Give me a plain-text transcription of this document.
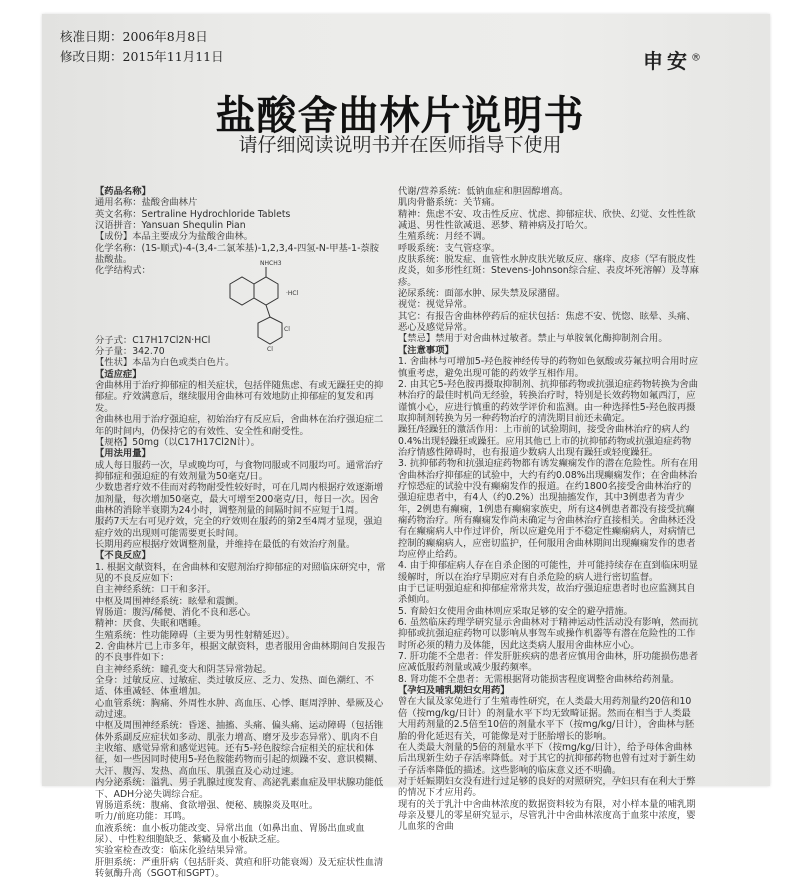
核准日期：2006年8月8日
修改日期：2015年11月11日	申安®
盐酸舍曲林片说明书
请仔细阅读说明书并在医师指导下使用

【药品名称】

通用名称：盐酸舍曲林片

英文名称：Sertraline Hydrochloride Tablets

汉语拼音：Yansuan Shequlin Pian

【成份】本品主要成分为盐酸舍曲林。

化学名称：(1S-顺式)-4-(3,4-二氯苯基)-1,2,3,4-四氢-N-甲基-1-萘胺盐酸盐。

化学结构式：

NHCH3
·HCl
Cl
Cl

分子式：C17H17Cl2N·HCl

分子量：342.70

【性状】本品为白色或类白色片。

【适应症】

舍曲林用于治疗抑郁症的相关症状，包括伴随焦虑、有或无躁狂史的抑郁症。疗效满意后，继续服用舍曲林可有效地防止抑郁症的复发和再发。

舍曲林也用于治疗强迫症，初始治疗有反应后，舍曲林在治疗强迫症二年的时间内，仍保持它的有效性、安全性和耐受性。

【规格】50mg（以C17H17Cl2N计）。

【用法用量】

成人每日服药一次，早或晚均可，与食物同服或不同服均可。通常治疗抑郁症和强迫症的有效剂量为50毫克/日。

少数患者疗效不佳而对药物耐受性较好时，可在几周内根据疗效逐渐增加剂量，每次增加50毫克，最大可增至200毫克/日，每日一次。因舍曲林的消除半衰期为24小时，调整剂量的间隔时间不应短于1周。

服药7天左右可见疗效，完全的疗效则在服药的第2至4周才显现，强迫症疗效的出现则可能需要更长时间。

长期用药应根据疗效调整剂量，并维持在最低的有效治疗剂量。

【不良反应】

1. 根据文献资料，在舍曲林和安慰剂治疗抑郁症的对照临床研究中，常见的不良反应如下：

自主神经系统：口干和多汗。

中枢及周围神经系统：眩晕和震颤。

胃肠道：腹泻/稀便、消化不良和恶心。

精神：厌食、失眠和嗜睡。

生殖系统：性功能障碍（主要为男性射精延迟）。

2. 舍曲林片已上市多年，根据文献资料，患者服用舍曲林期间自发报告的不良事件如下：

自主神经系统：瞳孔变大和阴茎异常勃起。

全身：过敏反应、过敏症、类过敏反应、乏力、发热、面色潮红、不适、体重减轻、体重增加。

心血管系统：胸痛、外周性水肿、高血压、心悸、眶周浮肿、晕厥及心动过速。

中枢及周围神经系统：昏迷、抽搐、头痛、偏头痛、运动障碍（包括锥体外系副反应症状如多动、肌张力增高、磨牙及步态异常）、肌肉不自主收缩、感觉异常和感觉迟钝。还有5-羟色胺综合症相关的症状和体征，如一些因同时使用5-羟色胺能药物而引起的烦躁不安、意识模糊、大汗、腹泻、发热、高血压、肌强直及心动过速。

内分泌系统：溢乳、男子乳腺过度发育、高泌乳素血症及甲状腺功能低下、ADH分泌失调综合症。

胃肠道系统：腹痛、食欲增强、便秘、胰腺炎及呕吐。

听力/前庭功能：耳鸣。

血液系统：血小板功能改变、异常出血（如鼻出血、胃肠出血或血尿）、中性粒细胞缺乏、紫癜及血小板缺乏症。

实验室检查改变：临床化验结果异常。

肝胆系统：严重肝病（包括肝炎、黄疸和肝功能衰竭）及无症状性血清转氨酶升高（SGOT和SGPT）。

代谢/营养系统：低钠血症和胆固醇增高。

肌肉骨骼系统：关节痛。

精神：焦虑不安、攻击性反应、忧虑、抑郁症状、欣快、幻觉、女性性欲减退、男性性欲减退、恶梦、精神病及打哈欠。

生殖系统：月经不调。

呼吸系统：支气管痉挛。

皮肤系统：脱发症、血管性水肿皮肤光敏反应、瘙痒、皮疹（罕有脱皮性皮炎，如多形性红斑：Stevens-Johnson综合症、表皮坏死溶解）及荨麻疹。

泌尿系统：面部水肿、尿失禁及尿潴留。

视觉：视觉异常。

其它：有报告舍曲林停药后的症状包括：焦虑不安、恍惚、眩晕、头痛、恶心及感觉异常。

【禁忌】禁用于对舍曲林过敏者。禁止与单胺氧化酶抑制剂合用。

【注意事项】

1. 舍曲林与可增加5-羟色胺神经传导的药物如色氨酸或芬氟拉明合用时应慎重考虑，避免出现可能的药效学互相作用。

2. 由其它5-羟色胺再摄取抑制剂、抗抑郁药物或抗强迫症药物转换为舍曲林治疗的最佳时机尚无经验，转换治疗时，特别是长效药物如氟西汀，应谨慎小心，应进行慎重的药效学评价和监测。由一种选择性5-羟色胺再摄取抑制剂转换为另一种药物治疗的清洗期目前还未确定。

躁狂/轻躁狂的激活作用：上市前的试验期间，接受舍曲林治疗的病人约0.4%出现轻躁狂或躁狂。应用其他已上市的抗抑郁药物或抗强迫症药物治疗情感性障碍时，也有报道少数病人出现有躁狂或轻度躁狂。

3. 抗抑郁药物和抗强迫症药物都有诱发癫痫发作的潜在危险性。所有在用舍曲林治疗抑郁症的试验中，大约有约0.08%出现癫痫发作；在舍曲林治疗惊恐症的试验中没有癫痫发作的报道。在约1800名接受舍曲林治疗的强迫症患者中，有4人（约0.2%）出现抽搐发作，其中3例患者为青少年，2例患有癫痫，1例患有癫痫家族史，所有这4例患者都没有接受抗癫痫药物治疗。所有癫痫发作尚未确定与舍曲林治疗直接相关。舍曲林还没有在癫痫病人中作过评价，所以应避免用于不稳定性癫痫病人，对病情已控制的癫痫病人，应密切监护，任何服用舍曲林期间出现癫痫发作的患者均应停止给药。

4. 由于抑郁症病人存在自杀企图的可能性，并可能持续存在直到临床明显缓解时，所以在治疗早期应对有自杀危险的病人进行密切监督。

由于已证明强迫症和抑郁症常常共发，故治疗强迫症患者时也应监测其自杀倾向。

5. 育龄妇女使用舍曲林则应采取足够的安全的避孕措施。

6. 虽然临床药理学研究显示舍曲林对于精神运动性活动没有影响，然而抗抑郁或抗强迫症药物可以影响从事驾车或操作机器等有潜在危险性的工作时所必须的精力及体能，因此这类病人服用舍曲林应小心。

7. 肝功能不全患者：伴发肝脏疾病的患者应慎用舍曲林，肝功能损伤患者应减低服药剂量或减少服药频率。

8. 肾功能不全患者：无需根据肾功能损害程度调整舍曲林给药剂量。

【孕妇及哺乳期妇女用药】

曾在大鼠及家兔进行了生殖毒性研究，在人类最大用药剂量约20倍和10倍（按mg/kg/日计）的剂量水平下均无致畸证据。然而在相当于人类最大用药剂量的2.5倍至10倍的剂量水平下（按mg/kg/日计），舍曲林与胚胎的骨化延迟有关，可能像是对于胚胎增长的影响。

在人类最大剂量的5倍的剂量水平下（按mg/kg/日计），给予母体舍曲林后出现新生幼子存活率降低。对于其它的抗抑郁药物也曾有过对于新生幼子存活率降低的描述。这些影响的临床意义还不明确。

对于妊娠期妇女没有进行过足够的良好的对照研究，孕妇只有在利大于弊的情况下才应用药。

现有的关于乳汁中舍曲林浓度的数据资料较为有限，对小样本量的哺乳期母亲及婴儿的零星研究显示，尽管乳汁中舍曲林浓度高于血浆中浓度，婴儿血浆的舍曲
